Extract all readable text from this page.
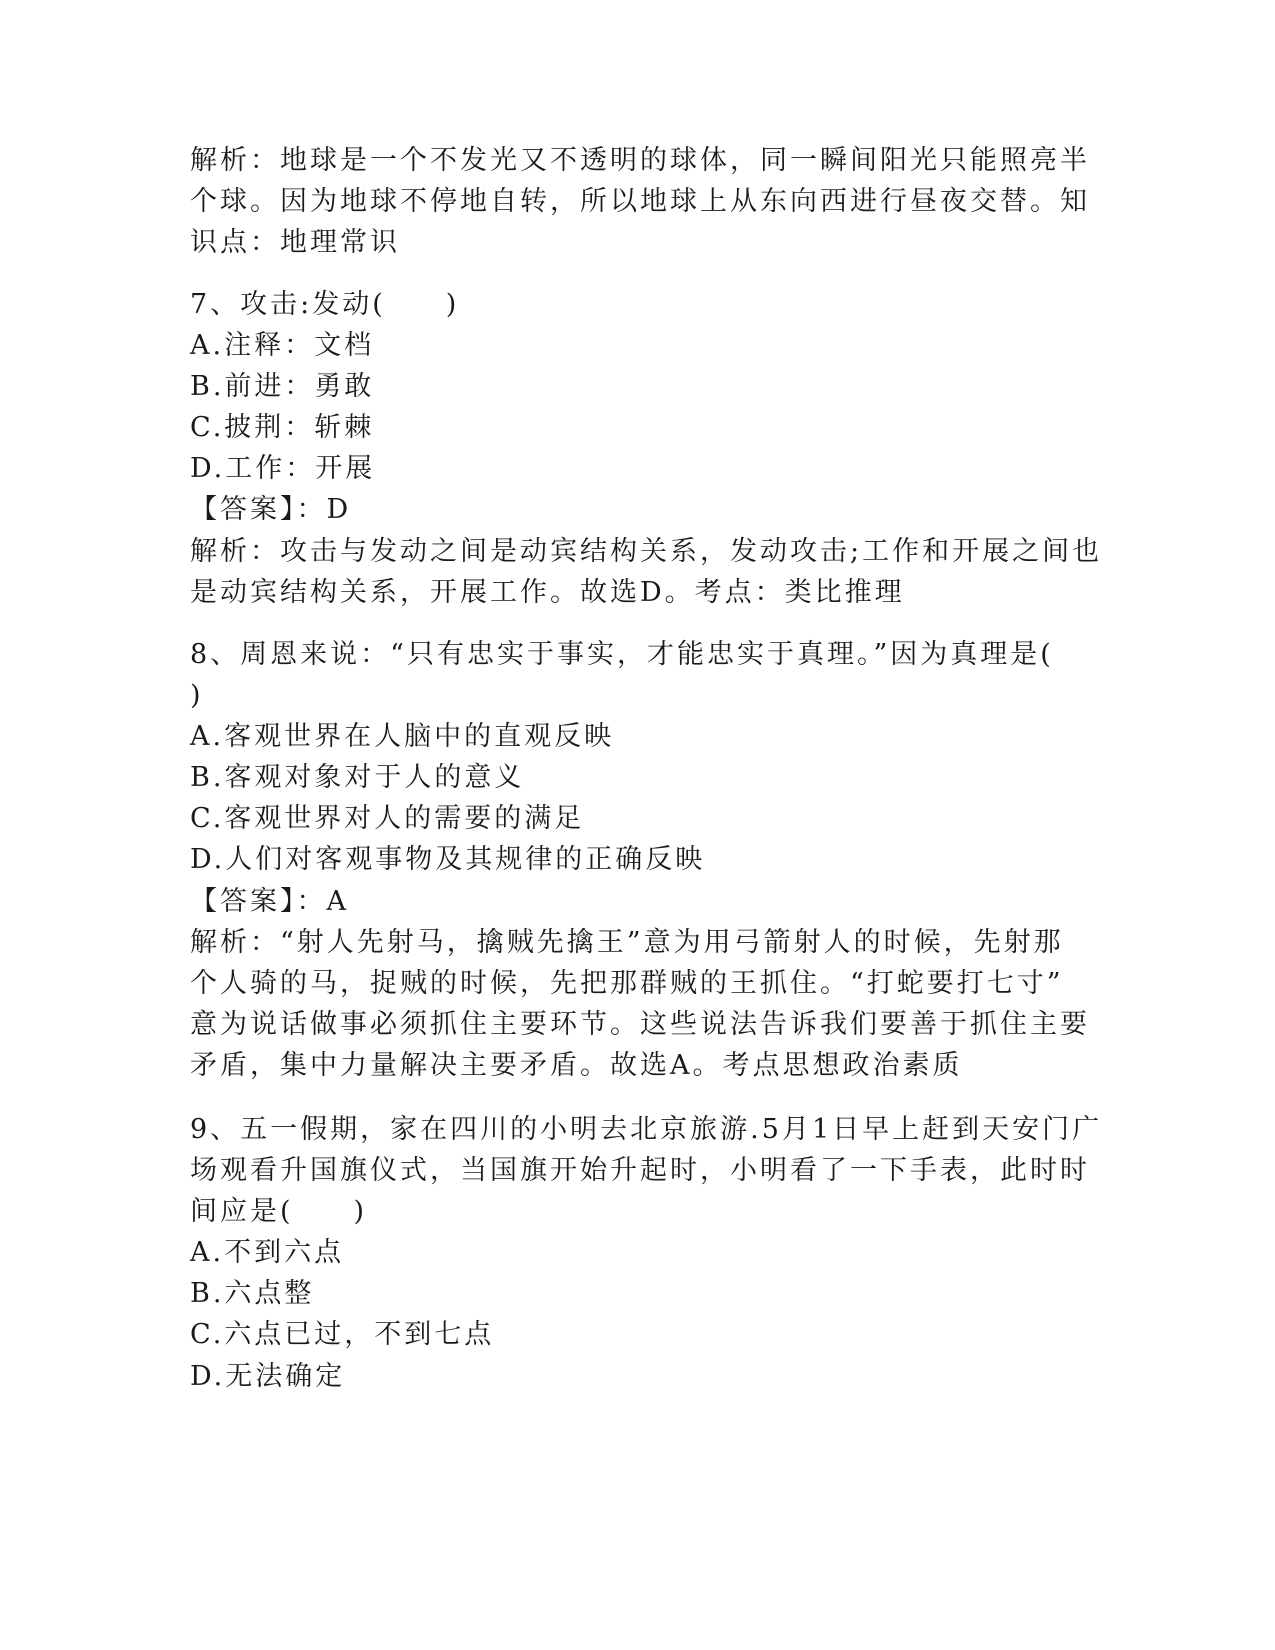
解析：地球是一个不发光又不透明的球体，同一瞬间阳光只能照亮半
个球。因为地球不停地自转，所以地球上从东向西进行昼夜交替。知
识点：地理常识
7、攻击:发动(　　)
A.注释：文档
B.前进：勇敢
C.披荆：斩棘
D.工作：开展
【答案】：D
解析：攻击与发动之间是动宾结构关系，发动攻击;工作和开展之间也
是动宾结构关系，开展工作。故选D。考点：类比推理
8、周恩来说：“只有忠实于事实，才能忠实于真理。”因为真理是(
)
A.客观世界在人脑中的直观反映
B.客观对象对于人的意义
C.客观世界对人的需要的满足
D.人们对客观事物及其规律的正确反映
【答案】：A
解析：“射人先射马，擒贼先擒王”意为用弓箭射人的时候，先射那
个人骑的马，捉贼的时候，先把那群贼的王抓住。“打蛇要打七寸”
意为说话做事必须抓住主要环节。这些说法告诉我们要善于抓住主要
矛盾，集中力量解决主要矛盾。故选A。考点思想政治素质
9、五一假期，家在四川的小明去北京旅游.5月1日早上赶到天安门广
场观看升国旗仪式，当国旗开始升起时，小明看了一下手表，此时时
间应是(　　)
A.不到六点
B.六点整
C.六点已过，不到七点
D.无法确定
